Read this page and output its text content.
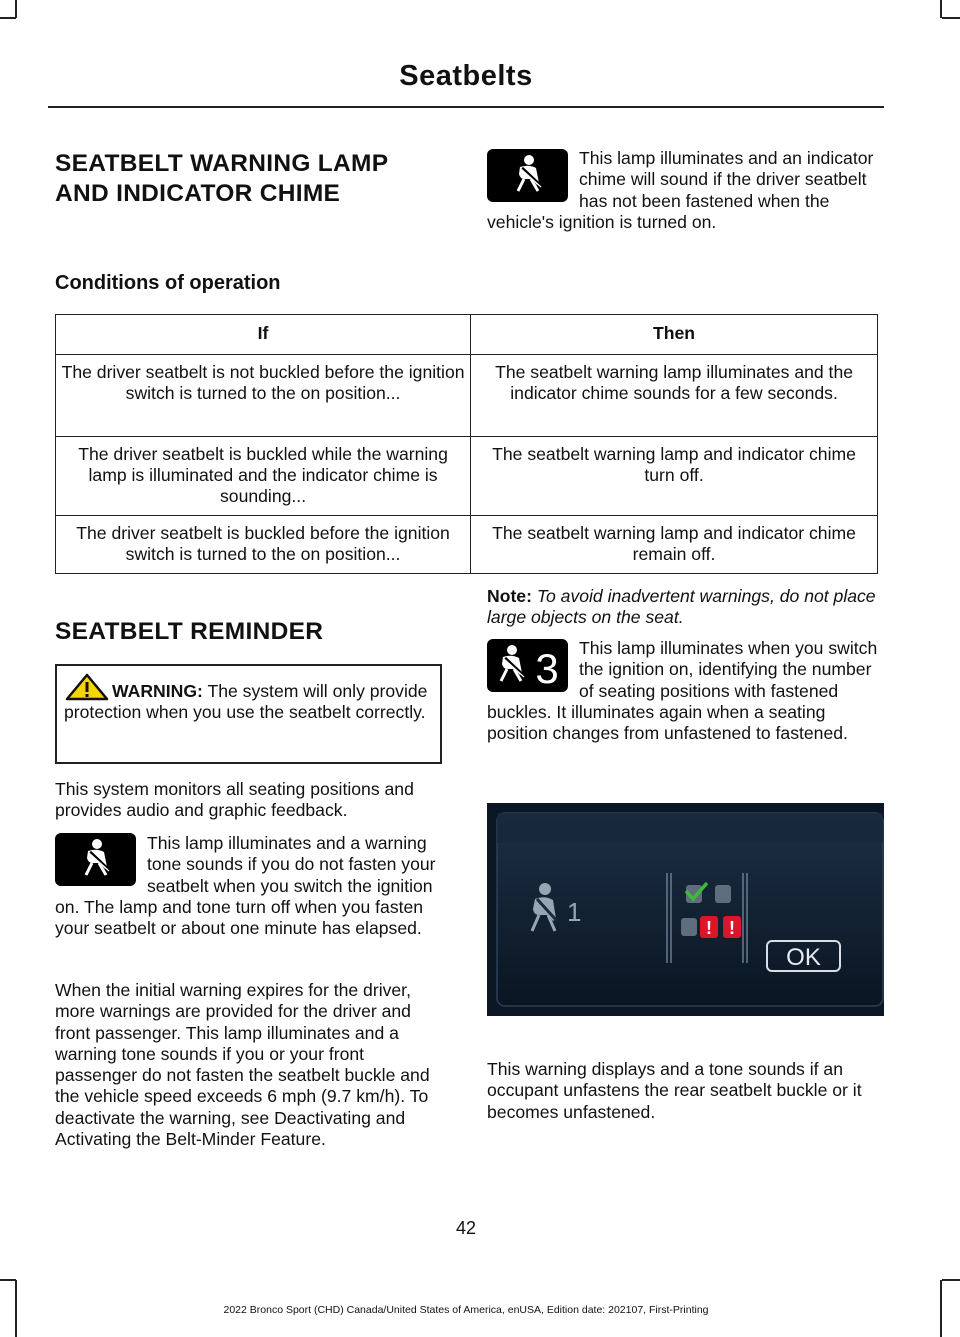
Seatbelts
SEATBELT WARNING LAMP
AND INDICATOR CHIME
This lamp illuminates and an indicator chime will sound if the driver seatbelt has not been fastened when the vehicle's ignition is turned on.
Conditions of operation
If	Then
The driver seatbelt is not buckled before the ignition switch is turned to the on position...	The seatbelt warning lamp illuminates and the indicator chime sounds for a few seconds.
The driver seatbelt is buckled while the warning lamp is illuminated and the indicator chime is sounding...	The seatbelt warning lamp and indicator chime turn off.
The driver seatbelt is buckled before the ignition switch is turned to the on position...	The seatbelt warning lamp and indicator chime remain off.
SEATBELT REMINDER
WARNING: The system will only provide protection when you use the seatbelt correctly.
This system monitors all seating positions and provides audio and graphic feedback.
This lamp illuminates and a warning tone sounds if you do not fasten your seatbelt when you switch the ignition on. The lamp and tone turn off when you fasten your seatbelt or about one minute has elapsed.
When the initial warning expires for the driver, more warnings are provided for the driver and front passenger. This lamp illuminates and a warning tone sounds if you or your front passenger do not fasten the seatbelt buckle and the vehicle speed exceeds 6 mph (9.7 km/h). To deactivate the warning, see Deactivating and Activating the Belt-Minder Feature.
Note: To avoid inadvertent warnings, do not place large objects on the seat.
3	This lamp illuminates when you switch the ignition on, identifying the number of seating positions with fastened buckles. It illuminates again when a seating position changes from unfastened to fastened.
1
! !
OK
This warning displays and a tone sounds if an occupant unfastens the rear seatbelt buckle or it becomes unfastened.
42
2022 Bronco Sport (CHD) Canada/United States of America, enUSA, Edition date: 202107, First-Printing
